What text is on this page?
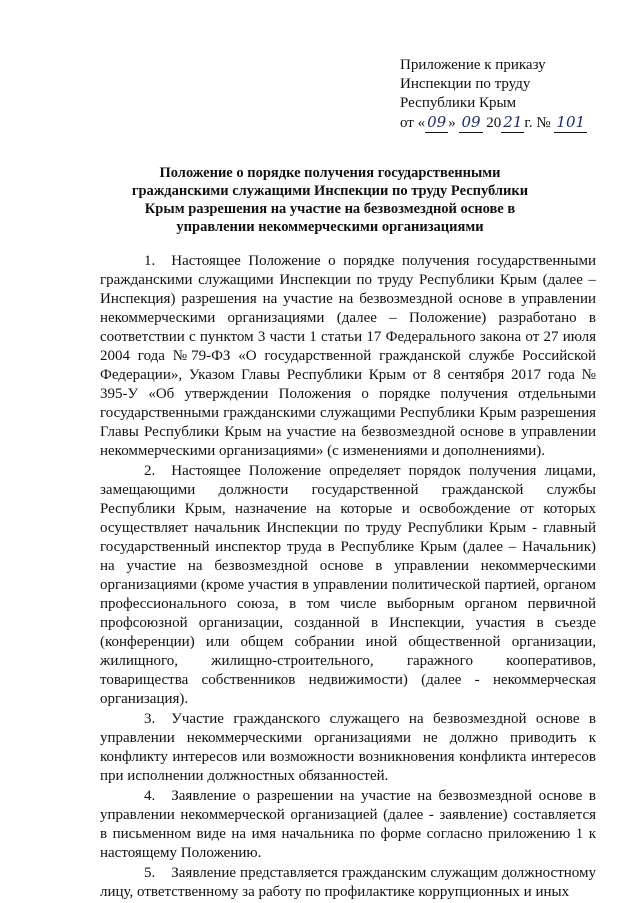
Приложение к приказу
Инспекции по труду
Республики Крым
от « 09 » 09 20 21 г. № 101
Положение о порядке получения государственными гражданскими служащими Инспекции по труду Республики Крым разрешения на участие на безвозмездной основе в управлении некоммерческими организациями

1. Настоящее Положение о порядке получения государственными гражданскими служащими Инспекции по труду Республики Крым (далее – Инспекция) разрешения на участие на безвозмездной основе в управлении некоммерческими организациями (далее – Положение) разработано в соответствии с пунктом 3 части 1 статьи 17 Федерального закона от 27 июля 2004 года №79-ФЗ «О государственной гражданской службе Российской Федерации», Указом Главы Республики Крым от 8 сентября 2017 года № 395-У «Об утверждении Положения о порядке получения отдельными государственными гражданскими служащими Республики Крым разрешения Главы Республики Крым на участие на безвозмездной основе в управлении некоммерческими организациями» (с изменениями и дополнениями).

2. Настоящее Положение определяет порядок получения лицами, замещающими должности государственной гражданской службы Республики Крым, назначение на которые и освобождение от которых осуществляет начальник Инспекции по труду Республики Крым - главный государственный инспектор труда в Республике Крым (далее – Начальник) на участие на безвозмездной основе в управлении некоммерческими организациями (кроме участия в управлении политической партией, органом профессионального союза, в том числе выборным органом первичной профсоюзной организации, созданной в Инспекции, участия в съезде (конференции) или общем собрании иной общественной организации, жилищного, жилищно-строительного, гаражного кооперативов, товарищества собственников недвижимости) (далее - некоммерческая организация).

3. Участие гражданского служащего на безвозмездной основе в управлении некоммерческими организациями не должно приводить к конфликту интересов или возможности возникновения конфликта интересов при исполнении должностных обязанностей.

4. Заявление о разрешении на участие на безвозмездной основе в управлении некоммерческой организацией (далее - заявление) составляется в письменном виде на имя начальника по форме согласно приложению 1 к настоящему Положению.

5. Заявление представляется гражданским служащим должностному лицу, ответственному за работу по профилактике коррупционных и иных
